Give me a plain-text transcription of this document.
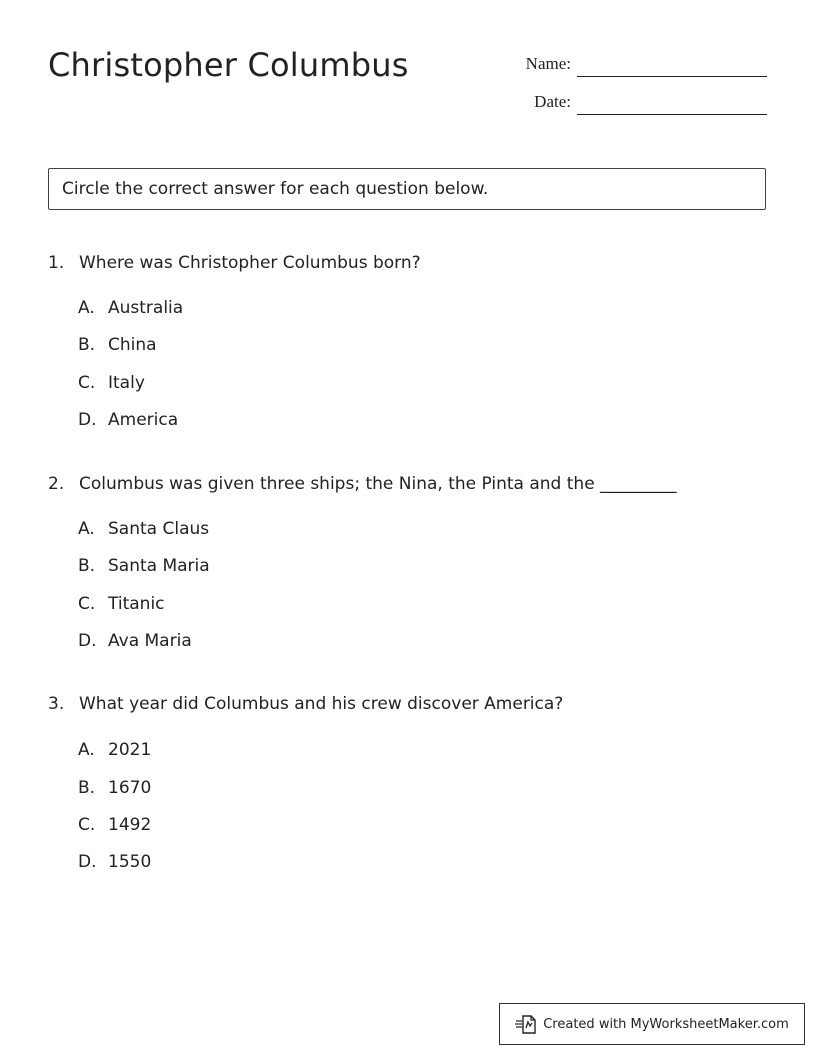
Christopher Columbus	Name:
Date:
Circle the correct answer for each question below.
1. Where was Christopher Columbus born?
A. Australia
B. China
C. Italy
D. America
2. Columbus was given three ships; the Nina, the Pinta and the _________
A. Santa Claus
B. Santa Maria
C. Titanic
D. Ava Maria
3. What year did Columbus and his crew discover America?
A. 2021
B. 1670
C. 1492
D. 1550
Created with MyWorksheetMaker.com
